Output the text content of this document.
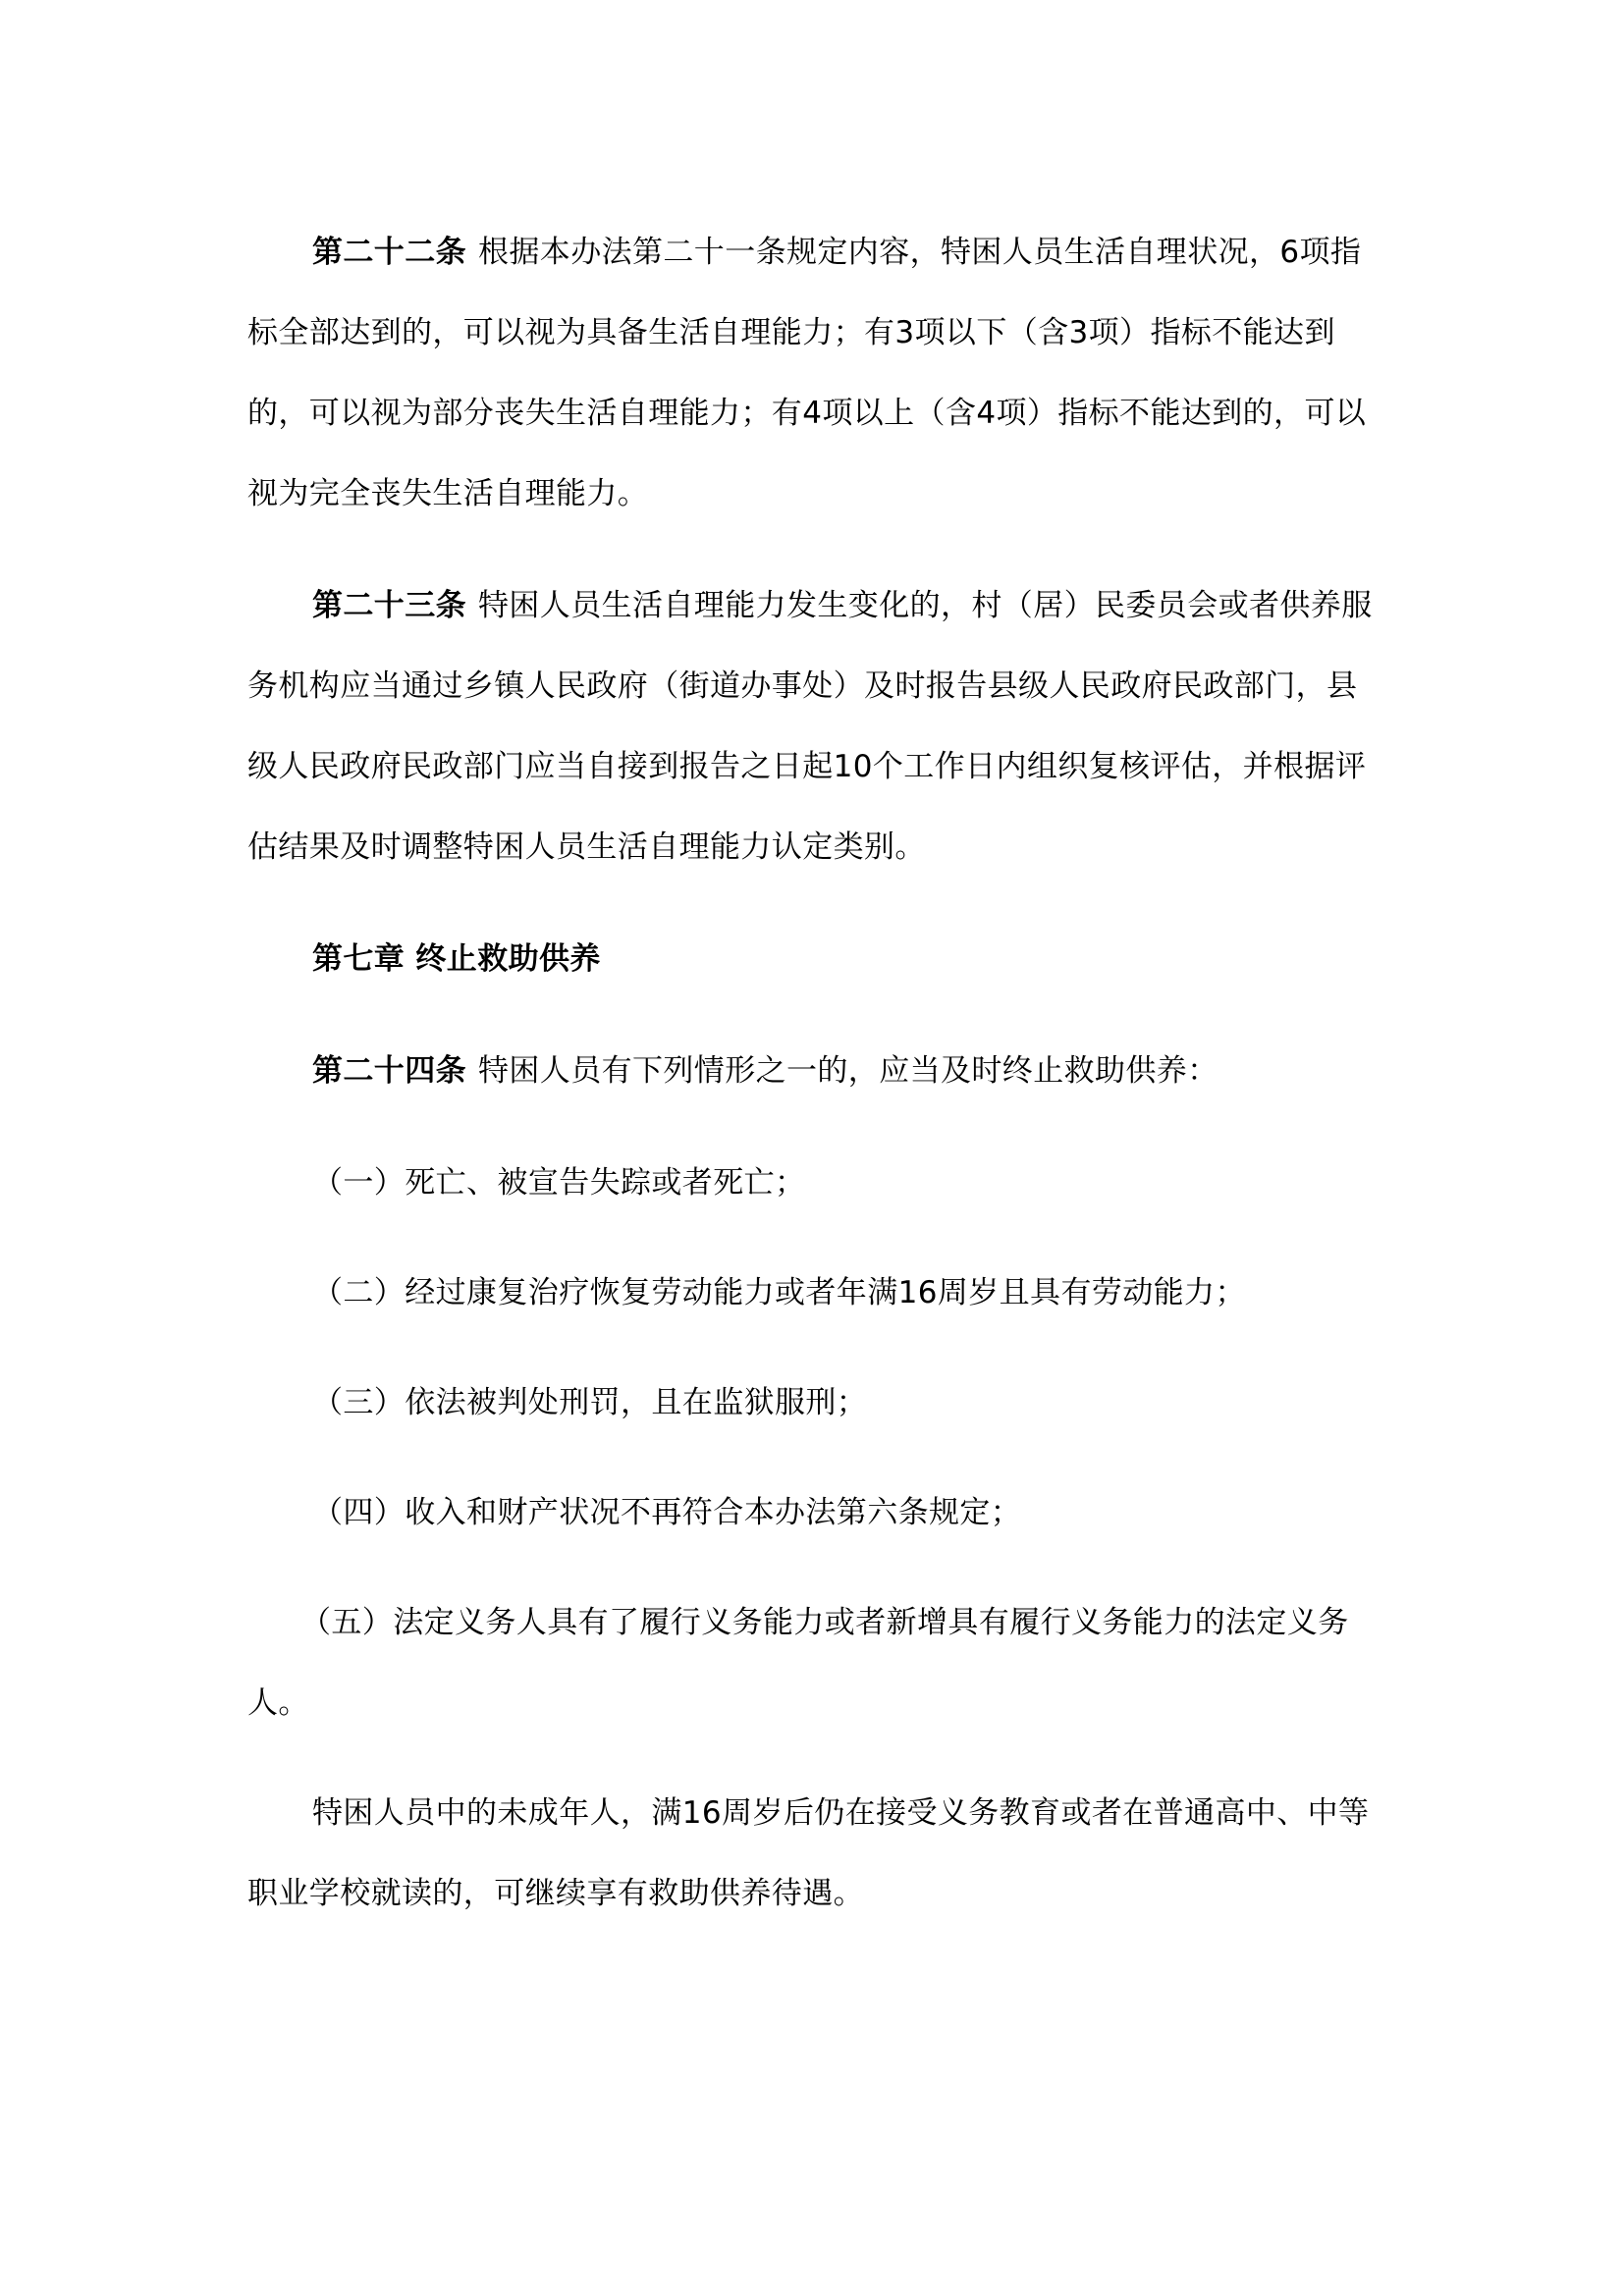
第二十二条 根据本办法第二十一条规定内容，特困人员生活自理状况，6项指标全部达到的，可以视为具备生活自理能力；有3项以下（含3项）指标不能达到的，可以视为部分丧失生活自理能力；有4项以上（含4项）指标不能达到的，可以视为完全丧失生活自理能力。

第二十三条 特困人员生活自理能力发生变化的，村（居）民委员会或者供养服务机构应当通过乡镇人民政府（街道办事处）及时报告县级人民政府民政部门，县级人民政府民政部门应当自接到报告之日起10个工作日内组织复核评估，并根据评估结果及时调整特困人员生活自理能力认定类别。

第七章 终止救助供养

第二十四条 特困人员有下列情形之一的，应当及时终止救助供养：

（一）死亡、被宣告失踪或者死亡；

（二）经过康复治疗恢复劳动能力或者年满16周岁且具有劳动能力；

（三）依法被判处刑罚，且在监狱服刑；

（四）收入和财产状况不再符合本办法第六条规定；

（五）法定义务人具有了履行义务能力或者新增具有履行义务能力的法定义务人。

特困人员中的未成年人，满16周岁后仍在接受义务教育或者在普通高中、中等职业学校就读的，可继续享有救助供养待遇。
